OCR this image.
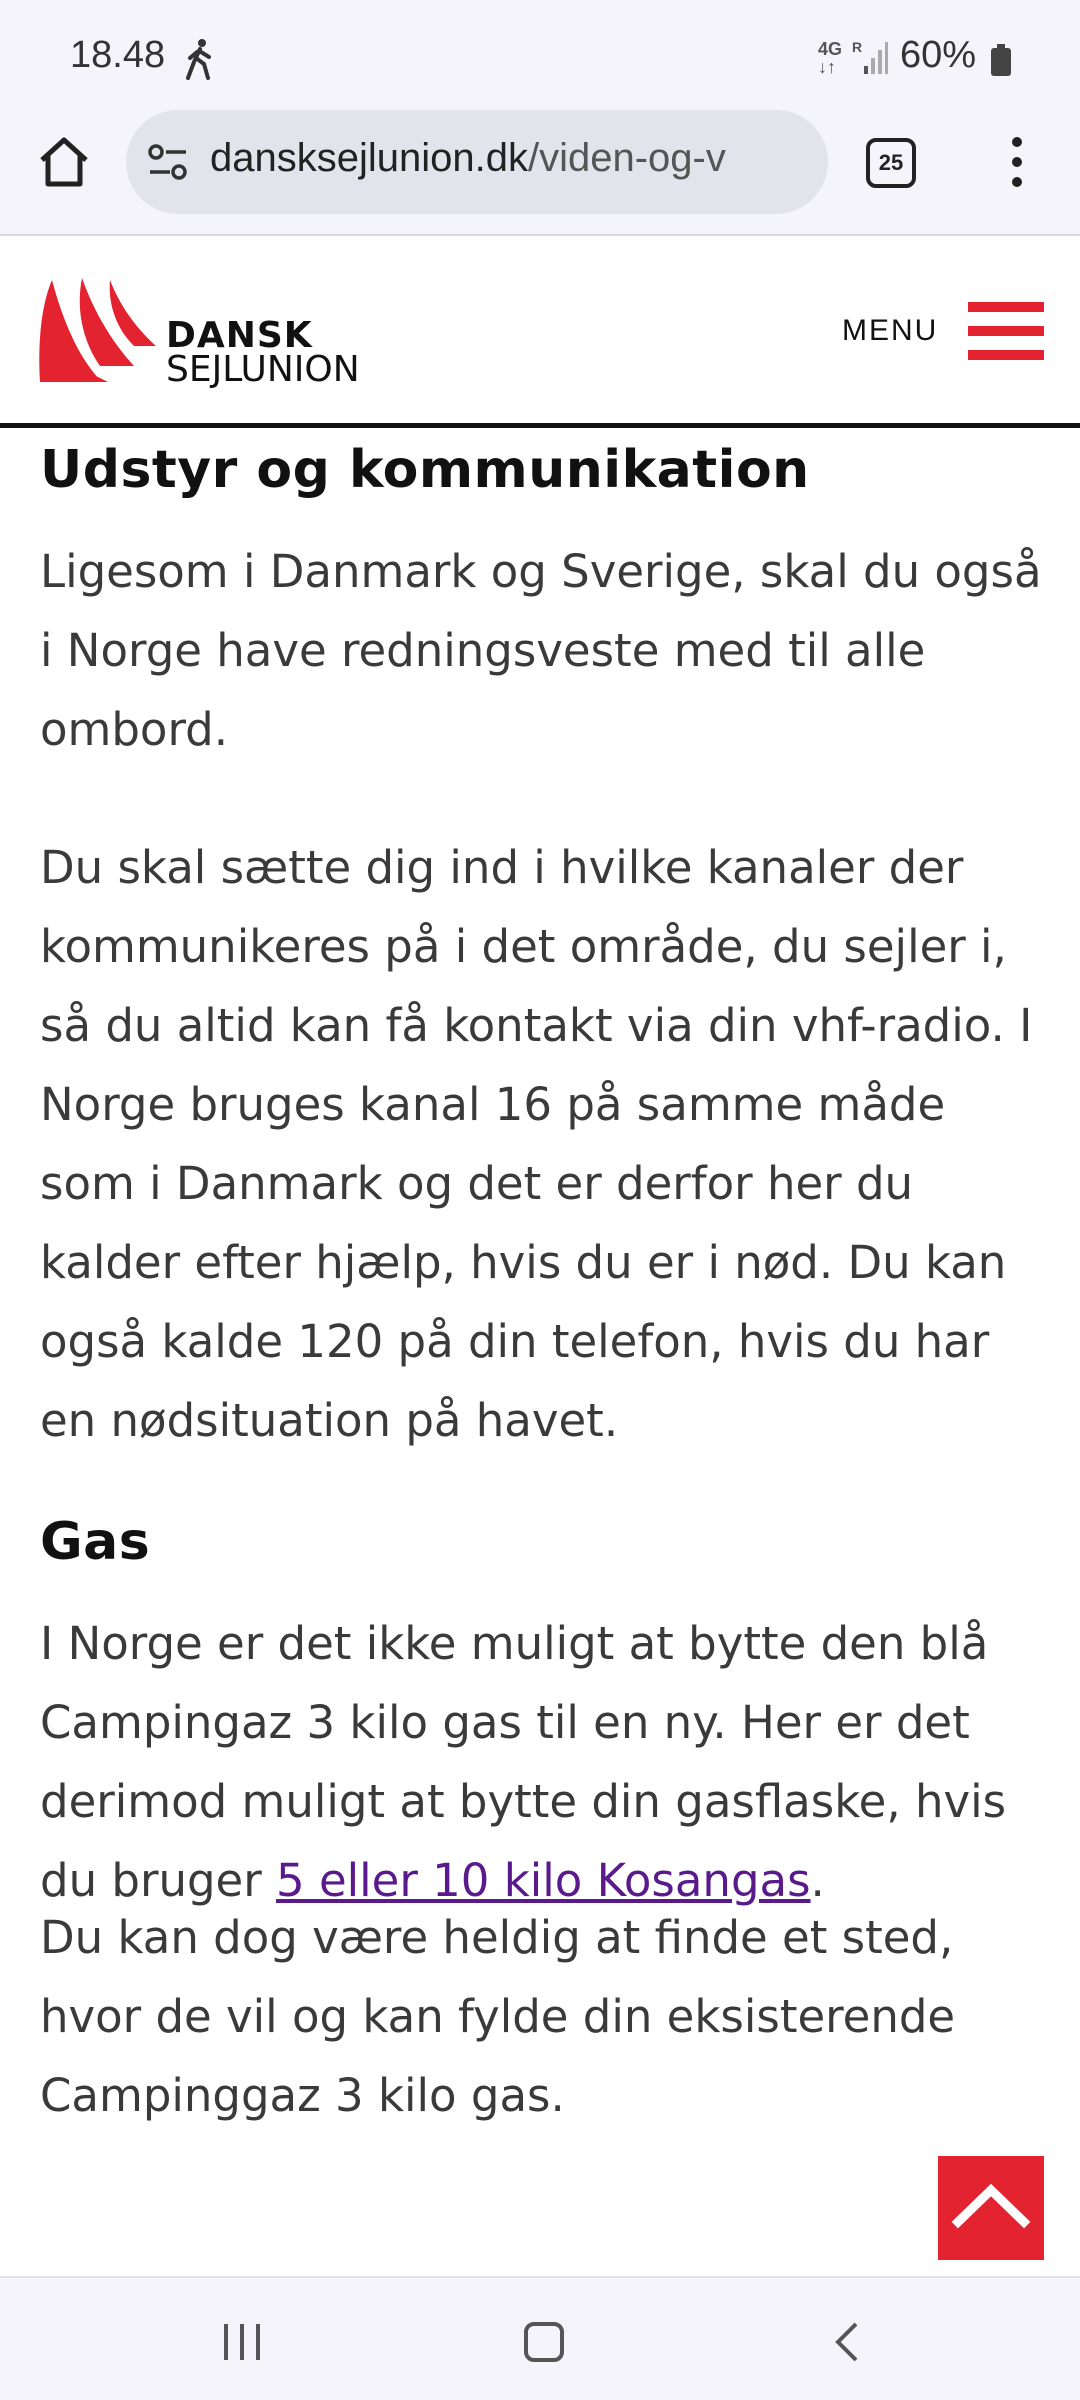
18.48	4G
↓↑
R 60%
dansksejlunion.dk/viden-og-v	25
DANSK
SEJLUNION
MENU
Udstyr og kommunikation

Ligesom i Danmark og Sverige, skal du også i Norge have redningsveste med til alle ombord.

Du skal sætte dig ind i hvilke kanaler der kommunikeres på i det område, du sejler i, så du altid kan få kontakt via din vhf-radio. I Norge bruges kanal 16 på samme måde som i Danmark og det er derfor her du kalder efter hjælp, hvis du er i nød. Du kan også kalde 120 på din telefon, hvis du har en nødsituation på havet.

Gas

I Norge er det ikke muligt at bytte den blå Campingaz 3 kilo gas til en ny. Her er det derimod muligt at bytte din gasflaske, hvis du bruger 5 eller 10 kilo Kosangas.

Du kan dog være heldig at finde et sted, hvor de vil og kan fylde din eksisterende Campinggaz 3 kilo gas.
